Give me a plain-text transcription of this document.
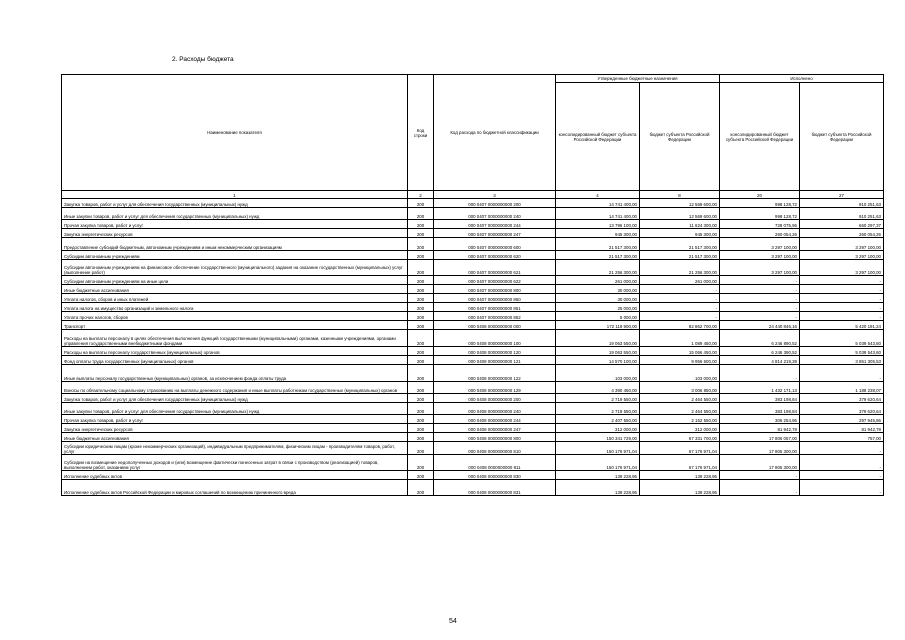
2. Расходы бюджета
Наименование показателя	Код строки	Код расхода по бюджетной классификации	Утвержденные бюджетные назначения		Исполнено	
			консолидированный бюджет субъекта Российской Федерации	бюджет субъекта Российской Федерации	консолидированный бюджет субъекта Российской Федерации	бюджет субъекта Российской Федерации
1	2	3	4	8	20	27
Закупка товаров, работ и услуг для обеспечения государственных (муниципальных) нужд	200	000 0407 0000000000 200	14 741 400,00	12 569 600,00	998 128,72	910 251,63
Иные закупки товаров, работ и услуг для обеспечения государственных (муниципальных) нужд	200	000 0407 0000000000 240	14 741 400,00	12 569 600,00	998 128,72	910 251,63
Прочая закупка товаров, работ и услуг	200	000 0407 0000000000 244	13 796 100,00	11 624 300,00	728 075,96	660 297,37
Закупка энергетических ресурсов	200	000 0407 0000000000 247	945 300,00	945 300,00	260 054,26	260 054,26
Предоставление субсидий бюджетным, автономным учреждениям и иным некоммерческим организациям	200	000 0407 0000000000 600	21 517 300,00	21 517 300,00	3 297 100,00	3 297 100,00
Субсидии автономным учреждениям	200	000 0407 0000000000 620	21 517 300,00	21 517 300,00	3 297 100,00	3 297 100,00
Субсидии автономным учреждениям на финансовое обеспечение государственного (муниципального) задания на оказание государственных (муниципальных) услуг (выполнение работ)	200	000 0407 0000000000 621	21 256 300,00	21 256 300,00	3 297 100,00	3 297 100,00
Субсидии автономным учреждениям на иные цели	200	000 0407 0000000000 622	261 000,00	261 000,00	-	-
Иные бюджетные ассигнования	200	000 0407 0000000000 800	30 000,00	-	-	-
Уплата налогов, сборов и иных платежей	200	000 0407 0000000000 850	30 000,00	-	-	-
Уплата налога на имущество организаций и земельного налога	200	000 0407 0000000000 851	25 000,00	-	-	-
Уплата прочих налогов, сборов	200	000 0407 0000000000 852	5 000,00	-	-	-
Транспорт	200	000 0408 0000000000 000	172 119 900,00	82 862 700,00	24 440 846,16	5 420 191,24
Расходы на выплаты персоналу в целях обеспечения выполнения функций государственными (муниципальными) органами, казенными учреждениями, органами управления государственными внебюджетными фондами	200	000 0408 0000000000 100	19 063 550,00	1 089 450,00	6 246 890,52	5 039 543,60
Расходы на выплаты персоналу государственных (муниципальных) органов	200	000 0408 0000000000 120	19 063 550,00	15 066 450,00	6 246 390,52	5 039 543,60
Фонд оплаты труда государственных (муниципальных) органов	200	000 0408 0000000000 121	14 570 100,00	9 956 600,00	4 814 219,39	3 851 305,53
Иные выплаты персоналу государственных (муниципальных) органов, за исключением фонда оплаты труда	200	000 0408 0000000000 122	103 000,00	103 000,00	-	-
Взносы по обязательному социальному страхованию на выплаты денежного содержания и иные выплаты работникам государственных (муниципальных) органов	200	000 0408 0000000000 129	4 390 450,00	3 006 850,00	1 432 171,13	1 188 238,07
Закупка товаров, работ и услуг для обеспечения государственных (муниципальных) нужд	200	000 0408 0000000000 200	2 719 550,00	2 464 550,00	383 198,84	379 620,64
Иные закупки товаров, работ и услуг для обеспечения государственных (муниципальных) нужд	200	000 0408 0000000000 240	2 719 550,00	2 464 550,00	383 198,84	379 620,64
Прочая закупка товаров, работ и услуг	200	000 0408 0000000000 244	2 407 550,00	2 152 550,00	306 254,96	297 945,86
Закупка энергетических ресурсов	200	000 0408 0000000000 247	312 000,00	312 000,00	81 942,78	81 942,78
Иные бюджетные ассигнования	200	000 0408 0000000000 800	150 341 729,00	67 331 700,00	17 806 057,00	757,00
Субсидии юридическим лицам (кроме некоммерческих организаций), индивидуальным предпринимателям, физическим лицам - производителям товаров, работ, услуг	200	000 0408 0000000000 810	150 176 971,04	67 176 971,04	17 805 300,00	-
Субсидии на возмещение недополученных доходов и (или) возмещение фактически понесенных затрат в связи с производством (реализацией) товаров, выполнением работ, оказанием услуг	200	000 0408 0000000000 811	150 176 971,04	67 176 971,04	17 805 300,00	-
Исполнение судебных актов	200	000 0408 0000000000 830	139 228,96	139 228,96	-	-
Исполнение судебных актов Российской Федерации и мировых соглашений по возмещению причиненного вреда	200	000 0408 0000000000 831	139 228,96	139 228,96	-	-
54
